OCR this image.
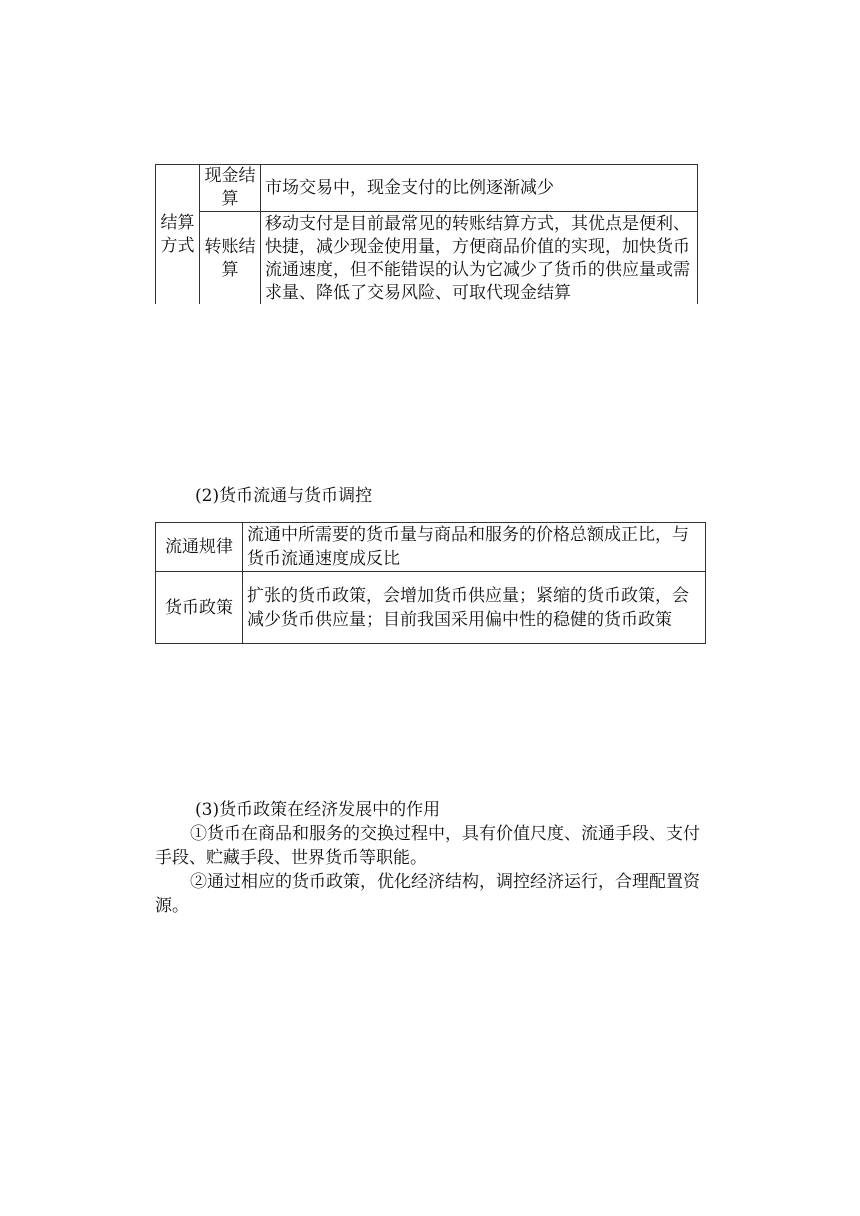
结算方式	现金结算	市场交易中，现金支付的比例逐渐减少
	转账结算	移动支付是目前最常见的转账结算方式，其优点是便利、快捷，减少现金使用量，方便商品价值的实现，加快货币流通速度，但不能错误的认为它减少了货币的供应量或需求量、降低了交易风险、可取代现金结算
(2)货币流通与货币调控
流通规律	流通中所需要的货币量与商品和服务的价格总额成正比，与货币流通速度成反比
货币政策	扩张的货币政策，会增加货币供应量；紧缩的货币政策，会减少货币供应量；目前我国采用偏中性的稳健的货币政策
(3)货币政策在经济发展中的作用
①货币在商品和服务的交换过程中，具有价值尺度、流通手段、支付手段、贮藏手段、世界货币等职能。
②通过相应的货币政策，优化经济结构，调控经济运行，合理配置资源。
